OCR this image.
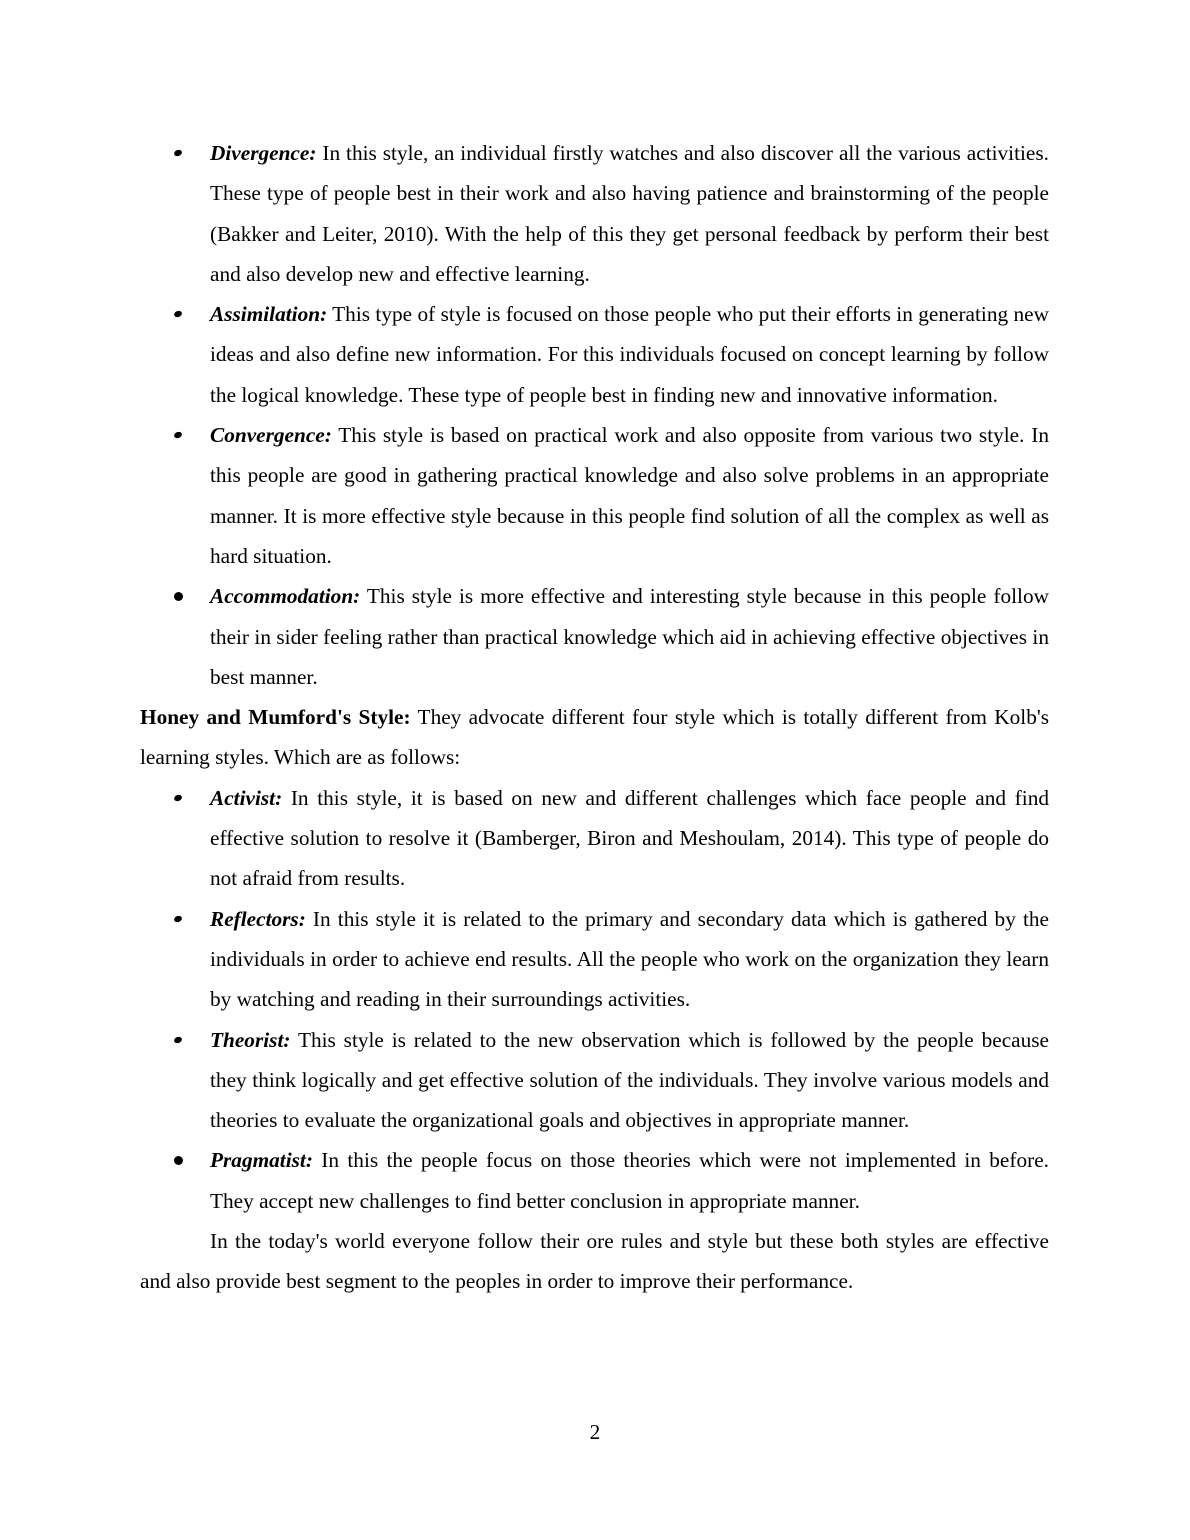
Divergence: In this style, an individual firstly watches and also discover all the various activities. These type of people best in their work and also having patience and brainstorming of the people (Bakker and Leiter, 2010). With the help of this they get personal feedback by perform their best and also develop new and effective learning.
Assimilation: This type of style is focused on those people who put their efforts in generating new ideas and also define new information. For this individuals focused on concept learning by follow the logical knowledge. These type of people best in finding new and innovative information.
Convergence: This style is based on practical work and also opposite from various two style. In this people are good in gathering practical knowledge and also solve problems in an appropriate manner. It is more effective style because in this people find solution of all the complex as well as hard situation.
Accommodation: This style is more effective and interesting style because in this people follow their in sider feeling rather than practical knowledge which aid in achieving effective objectives in best manner.

Honey and Mumford's Style: They advocate different four style which is totally different from Kolb's learning styles. Which are as follows:

Activist: In this style, it is based on new and different challenges which face people and find effective solution to resolve it (Bamberger, Biron and Meshoulam, 2014). This type of people do not afraid from results.
Reflectors: In this style it is related to the primary and secondary data which is gathered by the individuals in order to achieve end results. All the people who work on the organization they learn by watching and reading in their surroundings activities.
Theorist: This style is related to the new observation which is followed by the people because they think logically and get effective solution of the individuals. They involve various models and theories to evaluate the organizational goals and objectives in appropriate manner.
Pragmatist: In this the people focus on those theories which were not implemented in before. They accept new challenges to find better conclusion in appropriate manner.

In the today's world everyone follow their ore rules and style but these both styles are effective and also provide best segment to the peoples in order to improve their performance.

2
